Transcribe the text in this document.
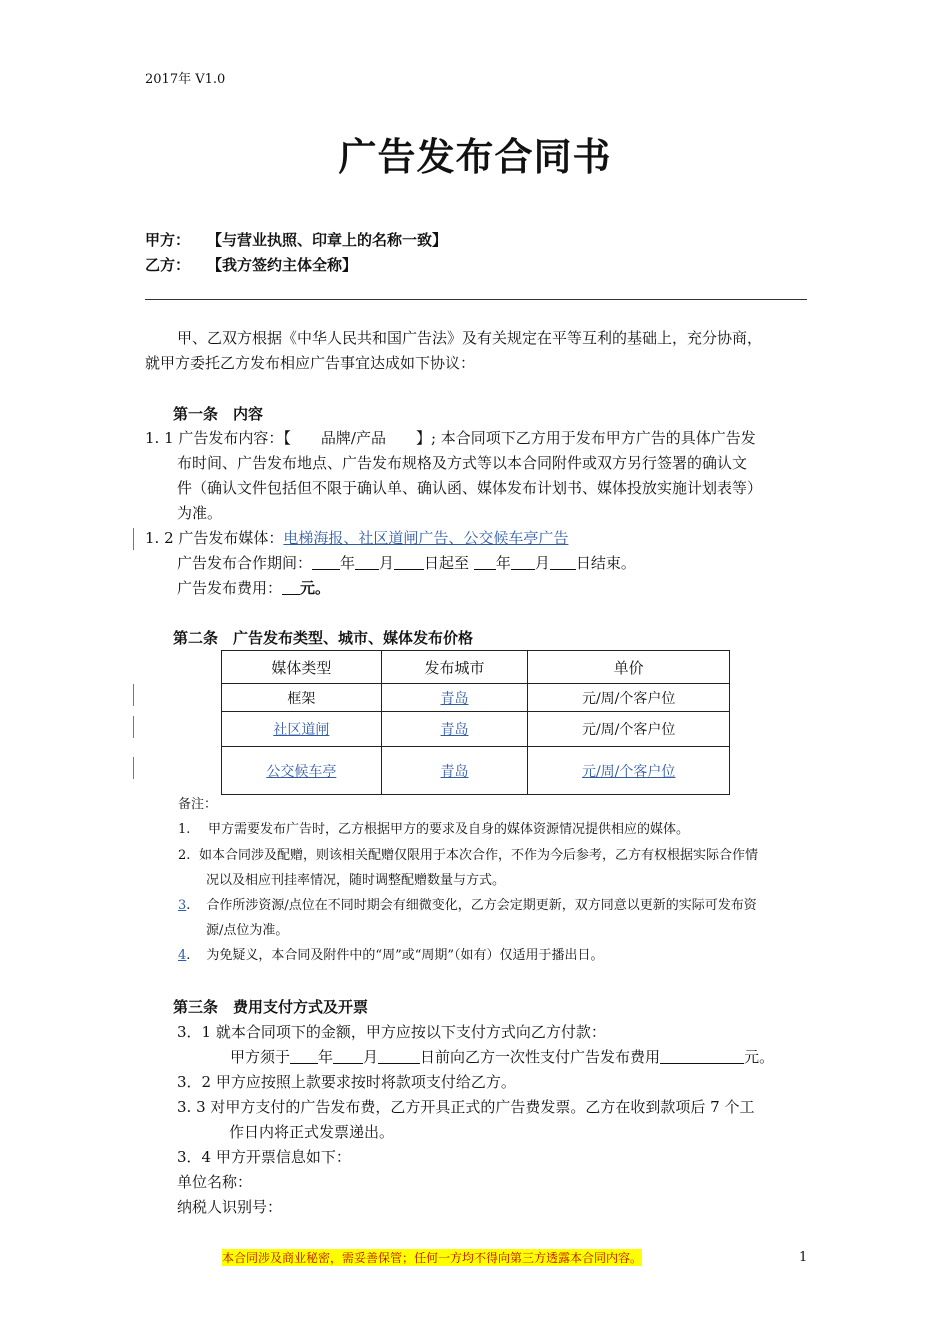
2017年 V1.0
广告发布合同书
甲方： 【与营业执照、印章上的名称一致】
乙方： 【我方签约主体全称】
甲、乙双方根据《中华人民共和国广告法》及有关规定在平等互利的基础上，充分协商，
就甲方委托乙方发布相应广告事宜达成如下协议：
第一条　内容
1. 1 广告发布内容：【　　品牌/产品　　】; 本合同项下乙方用于发布甲方广告的具体广告发
布时间、广告发布地点、广告发布规格及方式等以本合同附件或双方另行签署的确认文
件（确认文件包括但不限于确认单、确认函、媒体发布计划书、媒体投放实施计划表等）
为准。
1. 2 广告发布媒体：电梯海报、社区道闸广告、公交候车亭广告
广告发布合作期间： 年 月 日起至 年 月 日结束。
广告发布费用： 元。
第二条　广告发布类型、城市、媒体发布价格
媒体类型	发布城市	单价
框架	青岛	元/周/个客户位
社区道闸	青岛	元/周/个客户位
公交候车亭	青岛	元/周/个客户位
备注：
1. 甲方需要发布广告时，乙方根据甲方的要求及自身的媒体资源情况提供相应的媒体。
2. 如本合同涉及配赠，则该相关配赠仅限用于本次合作，不作为今后参考，乙方有权根据实际合作情
况以及相应刊挂率情况，随时调整配赠数量与方式。
3. 合作所涉资源/点位在不同时期会有细微变化，乙方会定期更新，双方同意以更新的实际可发布资
源/点位为准。
4. 为免疑义，本合同及附件中的“周”或“周期”（如有）仅适用于播出日。
第三条　费用支付方式及开票
3．1 就本合同项下的金额，甲方应按以下支付方式向乙方付款：
甲方须于 年 月	日前向乙方一次性支付广告发布费用	元。
3．2 甲方应按照上款要求按时将款项支付给乙方。
3. 3 对甲方支付的广告发布费，乙方开具正式的广告费发票。乙方在收到款项后 7 个工
作日内将正式发票递出。
3．4 甲方开票信息如下：
单位名称：
纳税人识别号：
本合同涉及商业秘密，需妥善保管；任何一方均不得向第三方透露本合同内容。	1
